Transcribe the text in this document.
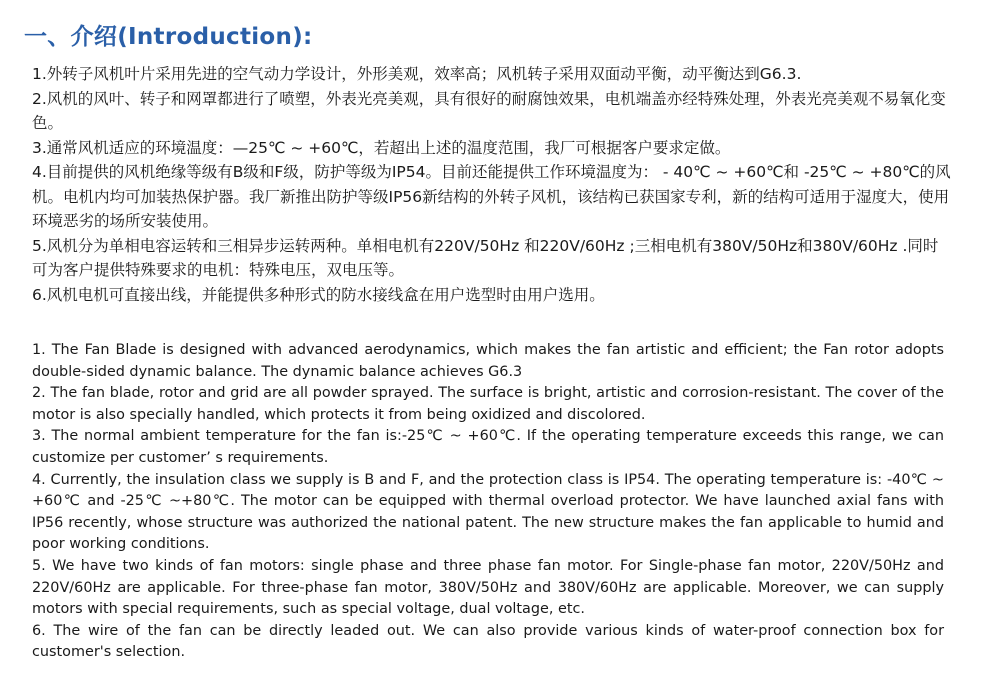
一、介绍(Introduction):

1.外转子风机叶片采用先进的空气动力学设计，外形美观，效率高；风机转子采用双面动平衡，动平衡达到G6.3.

2.风机的风叶、转子和网罩都进行了喷塑，外表光亮美观，具有很好的耐腐蚀效果，电机端盖亦经特殊处理，外表光亮美观不易氧化变色。

3.通常风机适应的环境温度：—25℃ ~ +60℃，若超出上述的温度范围，我厂可根据客户要求定做。

4.目前提供的风机绝缘等级有B级和F级，防护等级为IP54。目前还能提供工作环境温度为： - 40℃ ~ +60℃和 -25℃ ~ +80℃的风机。电机内均可加装热保护器。我厂新推出防护等级IP56新结构的外转子风机，该结构已获国家专利，新的结构可适用于湿度大，使用环境恶劣的场所安装使用。

5.风机分为单相电容运转和三相异步运转两种。单相电机有220V/50Hz 和220V/60Hz ;三相电机有380V/50Hz和380V/60Hz .同时可为客户提供特殊要求的电机：特殊电压，双电压等。

6.风机电机可直接出线，并能提供多种形式的防水接线盒在用户选型时由用户选用。

1. The Fan Blade is designed with advanced aerodynamics, which makes the fan artistic and efficient; the Fan rotor adopts double-sided dynamic balance. The dynamic balance achieves G6.3

2. The fan blade, rotor and grid are all powder sprayed. The surface is bright, artistic and corrosion-resistant. The cover of the motor is also specially handled, which protects it from being oxidized and discolored.

3. The normal ambient temperature for the fan is:-25℃ ~ +60℃. If the operating temperature exceeds this range, we can customize per customer’ s requirements.

4. Currently, the insulation class we supply is B and F, and the protection class is IP54. The operating temperature is: -40℃ ~ +60℃ and -25℃ ~+80℃. The motor can be equipped with thermal overload protector. We have launched axial fans with IP56 recently, whose structure was authorized the national patent. The new structure makes the fan applicable to humid and poor working conditions.

5. We have two kinds of fan motors: single phase and three phase fan motor. For Single-phase fan motor, 220V/50Hz and 220V/60Hz are applicable. For three-phase fan motor, 380V/50Hz and 380V/60Hz are applicable. Moreover, we can supply motors with special requirements, such as special voltage, dual voltage, etc.

6. The wire of the fan can be directly leaded out. We can also provide various kinds of water-proof connection box for customer's selection.
